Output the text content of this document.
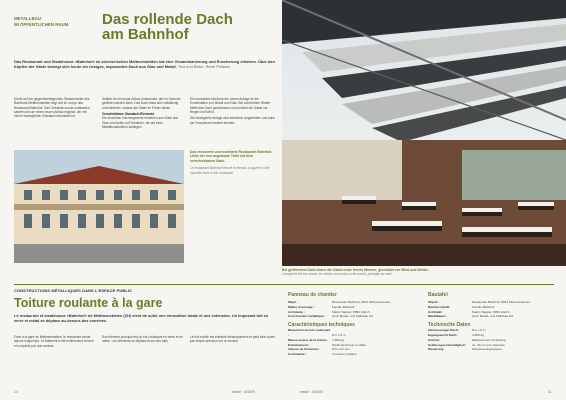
METALLBAU
IM ÖFFENTLICHEN RAUM	Das rollende Dach
am Bahnhof
Das Restaurant und Steakhouse «Bahnhof» im zürcherischen Mettmenstetten hat eine Gesamtsanierung und Erweiterung erfahren. Über den Köpfen der Gäste bewegt sich heute ein riesiges, imposantes Dach aus Glas und Metall. Text und Bilder: René Pellaton
Direkt auf der gegenüberliegenden Strassenseite des Bahnhofs Mettmenstetten liegt seit eh und je das Restaurant Bahnhof. Das Gebäude wurde umfassend saniert und um einen neuen Anbau ergänzt, der mit einem beweglichen Glasdach überdeckt ist.
Seitlich ist ein neuer Anbau entstanden, der im Sommer geöffnet werden kann. Das Dach lässt sich vollständig zurückfahren, sodass die Gäste im Freien sitzen.
Verschiebbare Glasdach-Elemente
Die einzelnen Dachsegmente bestehen aus Stahl und Glas und laufen auf Schienen, die auf einer Metallkonstruktion aufliegen.
Ein markantes Merkmal der neuen Anlage ist die Kombination von Metall und Glas. Bei schlechtem Wetter bleibt das Dach geschlossen und schützt die Gäste vor Regen und Wind.
Die bewegliche Anlage wird elektrisch angetrieben und kann per Knopfdruck bedient werden.
Das renovierte und erweiterte Restaurant Bahnhof. Links der neu angebaute Trakt mit dem verschiebbaren Dach.
Le restaurant Bahnhof rénové et étendu. À gauche, l'aile nouvelle avec le toit coulissant.
Bei geöffnetem Dach sitzen die Gäste unter freiem Himmel, geschützt vor Wind und Wetter.
Lorsque le toit est ouvert, les clients sont assis à ciel ouvert, protégés du vent.
CONSTRUCTIONS MÉTALLIQUES DANS L'ESPACE PUBLIC
Toiture roulante à la gare
Le restaurant et steakhouse «Bahnhof» de Mettmenstetten (ZH) vient de subir une rénovation totale et une extension. Un imposant toit en verre et métal se déplace au-dessus des convives.
Face à la gare de Mettmenstetten, le restaurant existe depuis longtemps. Le bâtiment a été entièrement rénové et complété par une annexe.
Son élément principal est un toit coulissant en verre et en métal. Les éléments se déplacent sur des rails.
Le toit mobile est entraîné électriquement et peut être ouvert par simple pression sur un bouton.
Panneau de chantier
Objet :	Restaurant Bahnhof, 8912 Mettmenstetten
Maître d'ouvrage :	Famille Bahnhof
Architecte :	Martin Tappler, 8952 Zürich
Constructeur métallique : Groh Metall- und Stahlbau AG
Caractéristiques techniques
Dimension du toit coulissant :	8 m x 8 m
Masse propre de la toiture : 4 900 kg
Entraînement :	Hautil électrique et câble
Vitesse de fermeture :	30 mm/s env.
Commande :	2 moteurs d'appui
Bautafel
Objekt:	Restaurant Bahnhof, 8912 Mettmenstetten
Bauherrschaft:	Familie Bahnhof
Architekt:	Martin Tappler, 8952 Zürich
Metallbauer:	Groh Metall- und Stahlbau AG
Technische Daten
Abmessungen Dach:	8 m x 8 m
Eigengewicht Dach:	4 900 kg
Antrieb:	Elektromotor mit Seilzug
Schliessgeschwindigkeit: ca. 30 mm pro Sekunde
Steuerung:	Zeitsteuerungssystem
10	metall · 10/2009	metall · 10/2009	11
